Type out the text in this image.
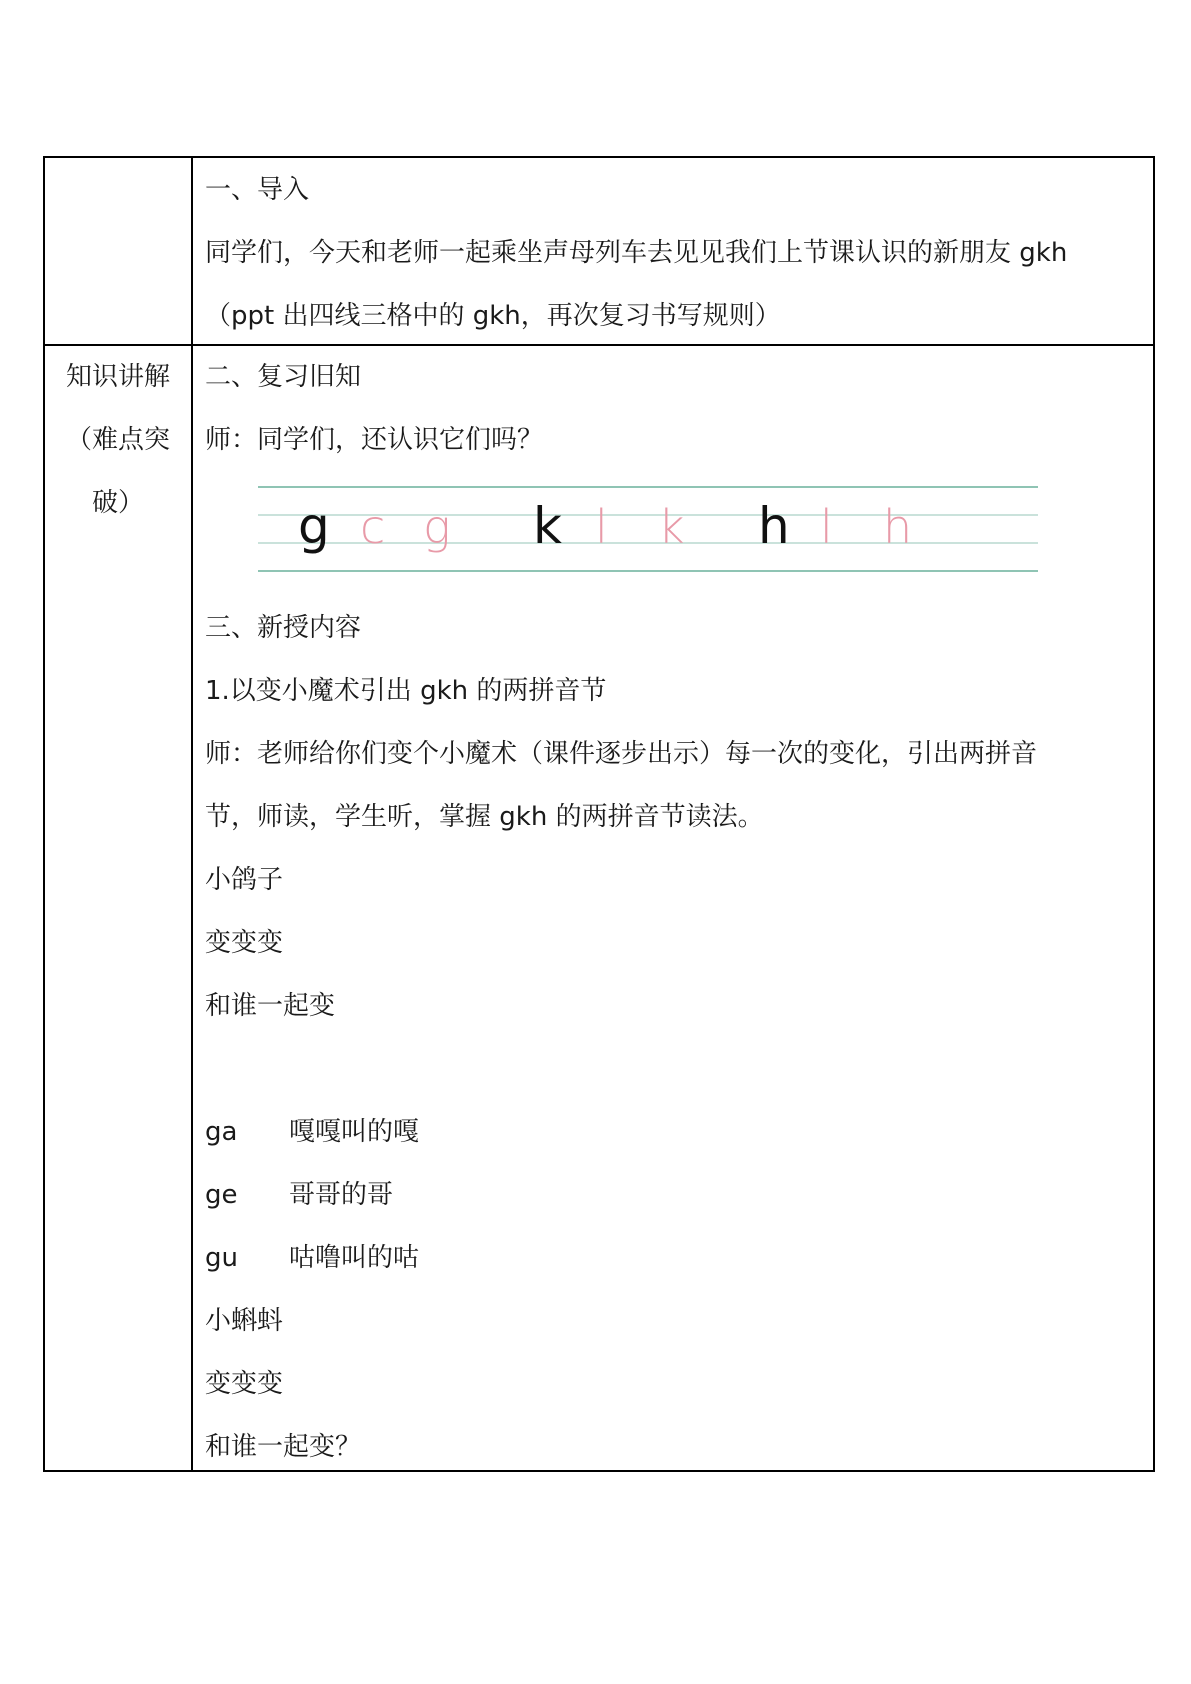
一、导入
同学们，今天和老师一起乘坐声母列车去见见我们上节课认识的新朋友 gkh
（ppt 出四线三格中的 gkh，再次复习书写规则）
知识讲解
（难点突
破）
二、复习旧知
师：同学们，还认识它们吗？
g c g k l k h l h
三、新授内容
1.以变小魔术引出 gkh 的两拼音节
师：老师给你们变个小魔术（课件逐步出示）每一次的变化，引出两拼音
节，师读，学生听，掌握 gkh 的两拼音节读法。
小鸽子
变变变
和谁一起变
ga 嘎嘎叫的嘎
ge 哥哥的哥
gu 咕噜叫的咕
小蝌蚪
变变变
和谁一起变？
